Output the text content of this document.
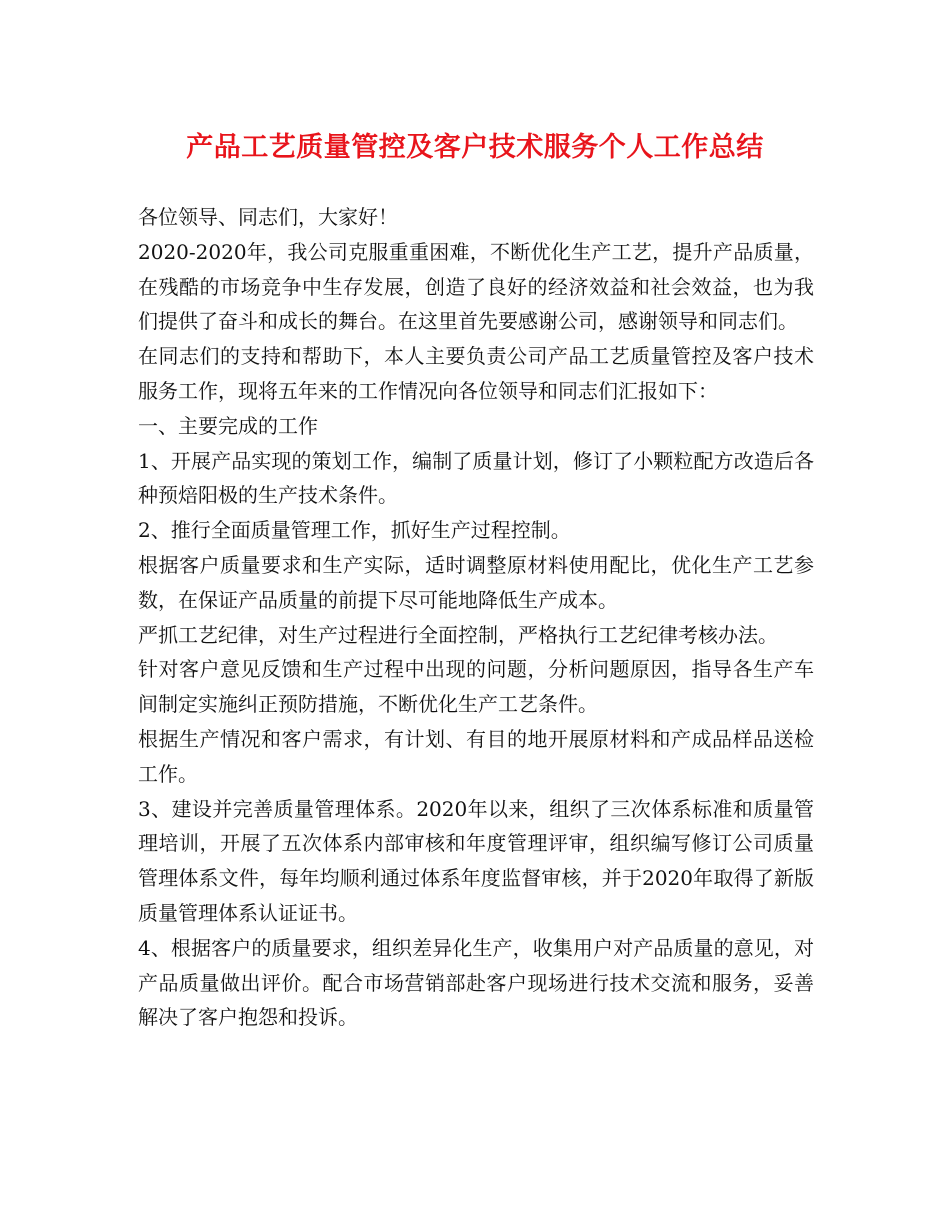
产品工艺质量管控及客户技术服务个人工作总结

各位领导、同志们，大家好！

2020-2020年，我公司克服重重困难，不断优化生产工艺，提升产品质量，在残酷的市场竞争中生存发展，创造了良好的经济效益和社会效益，也为我们提供了奋斗和成长的舞台。在这里首先要感谢公司，感谢领导和同志们。

在同志们的支持和帮助下，本人主要负责公司产品工艺质量管控及客户技术服务工作，现将五年来的工作情况向各位领导和同志们汇报如下：

一、主要完成的工作

1、开展产品实现的策划工作，编制了质量计划，修订了小颗粒配方改造后各种预焙阳极的生产技术条件。

2、推行全面质量管理工作，抓好生产过程控制。

根据客户质量要求和生产实际，适时调整原材料使用配比，优化生产工艺参数，在保证产品质量的前提下尽可能地降低生产成本。

严抓工艺纪律，对生产过程进行全面控制，严格执行工艺纪律考核办法。

针对客户意见反馈和生产过程中出现的问题，分析问题原因，指导各生产车间制定实施纠正预防措施，不断优化生产工艺条件。

根据生产情况和客户需求，有计划、有目的地开展原材料和产成品样品送检工作。

3、建设并完善质量管理体系。2020年以来，组织了三次体系标准和质量管理培训，开展了五次体系内部审核和年度管理评审，组织编写修订公司质量管理体系文件，每年均顺利通过体系年度监督审核，并于2020年取得了新版质量管理体系认证证书。

4、根据客户的质量要求，组织差异化生产，收集用户对产品质量的意见，对产品质量做出评价。配合市场营销部赴客户现场进行技术交流和服务，妥善解决了客户抱怨和投诉。
